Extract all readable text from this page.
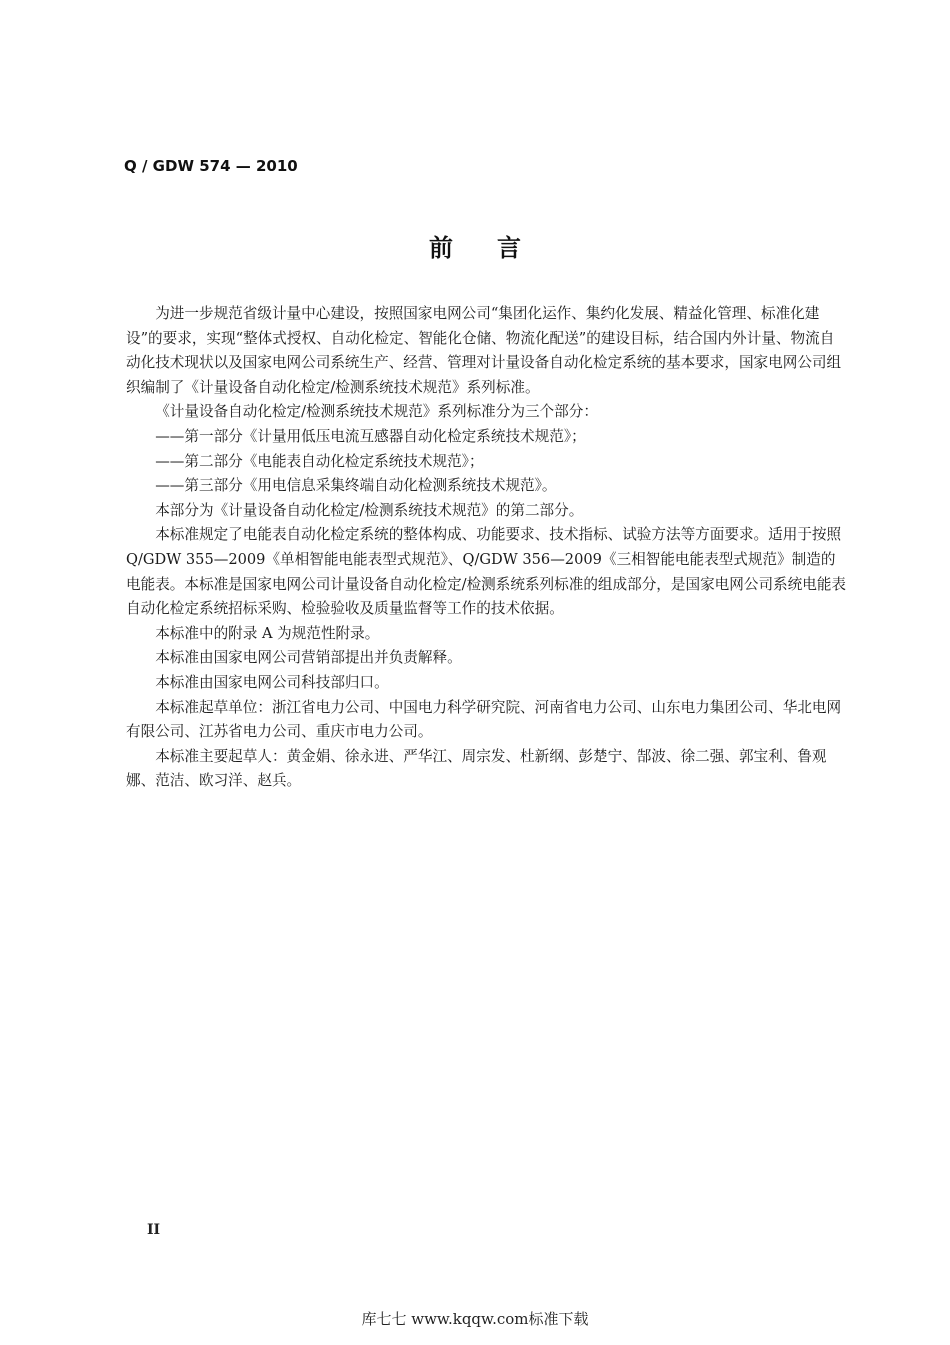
Q / GDW 574 — 2010
前言

为进一步规范省级计量中心建设，按照国家电网公司“集团化运作、集约化发展、精益化管理、标准化建设”的要求，实现“整体式授权、自动化检定、智能化仓储、物流化配送”的建设目标，结合国内外计量、物流自动化技术现状以及国家电网公司系统生产、经营、管理对计量设备自动化检定系统的基本要求，国家电网公司组织编制了《计量设备自动化检定/检测系统技术规范》系列标准。

《计量设备自动化检定/检测系统技术规范》系列标准分为三个部分：

——第一部分《计量用低压电流互感器自动化检定系统技术规范》；

——第二部分《电能表自动化检定系统技术规范》；

——第三部分《用电信息采集终端自动化检测系统技术规范》。

本部分为《计量设备自动化检定/检测系统技术规范》的第二部分。

本标准规定了电能表自动化检定系统的整体构成、功能要求、技术指标、试验方法等方面要求。适用于按照 Q/GDW 355—2009《单相智能电能表型式规范》、Q/GDW 356—2009《三相智能电能表型式规范》制造的电能表。本标准是国家电网公司计量设备自动化检定/检测系统系列标准的组成部分，是国家电网公司系统电能表自动化检定系统招标采购、检验验收及质量监督等工作的技术依据。

本标准中的附录 A 为规范性附录。

本标准由国家电网公司营销部提出并负责解释。

本标准由国家电网公司科技部归口。

本标准起草单位：浙江省电力公司、中国电力科学研究院、河南省电力公司、山东电力集团公司、华北电网有限公司、江苏省电力公司、重庆市电力公司。

本标准主要起草人：黄金娟、徐永进、严华江、周宗发、杜新纲、彭楚宁、郜波、徐二强、郭宝利、鲁观娜、范洁、欧习洋、赵兵。

II
库七七 www.kqqw.com标准下载
